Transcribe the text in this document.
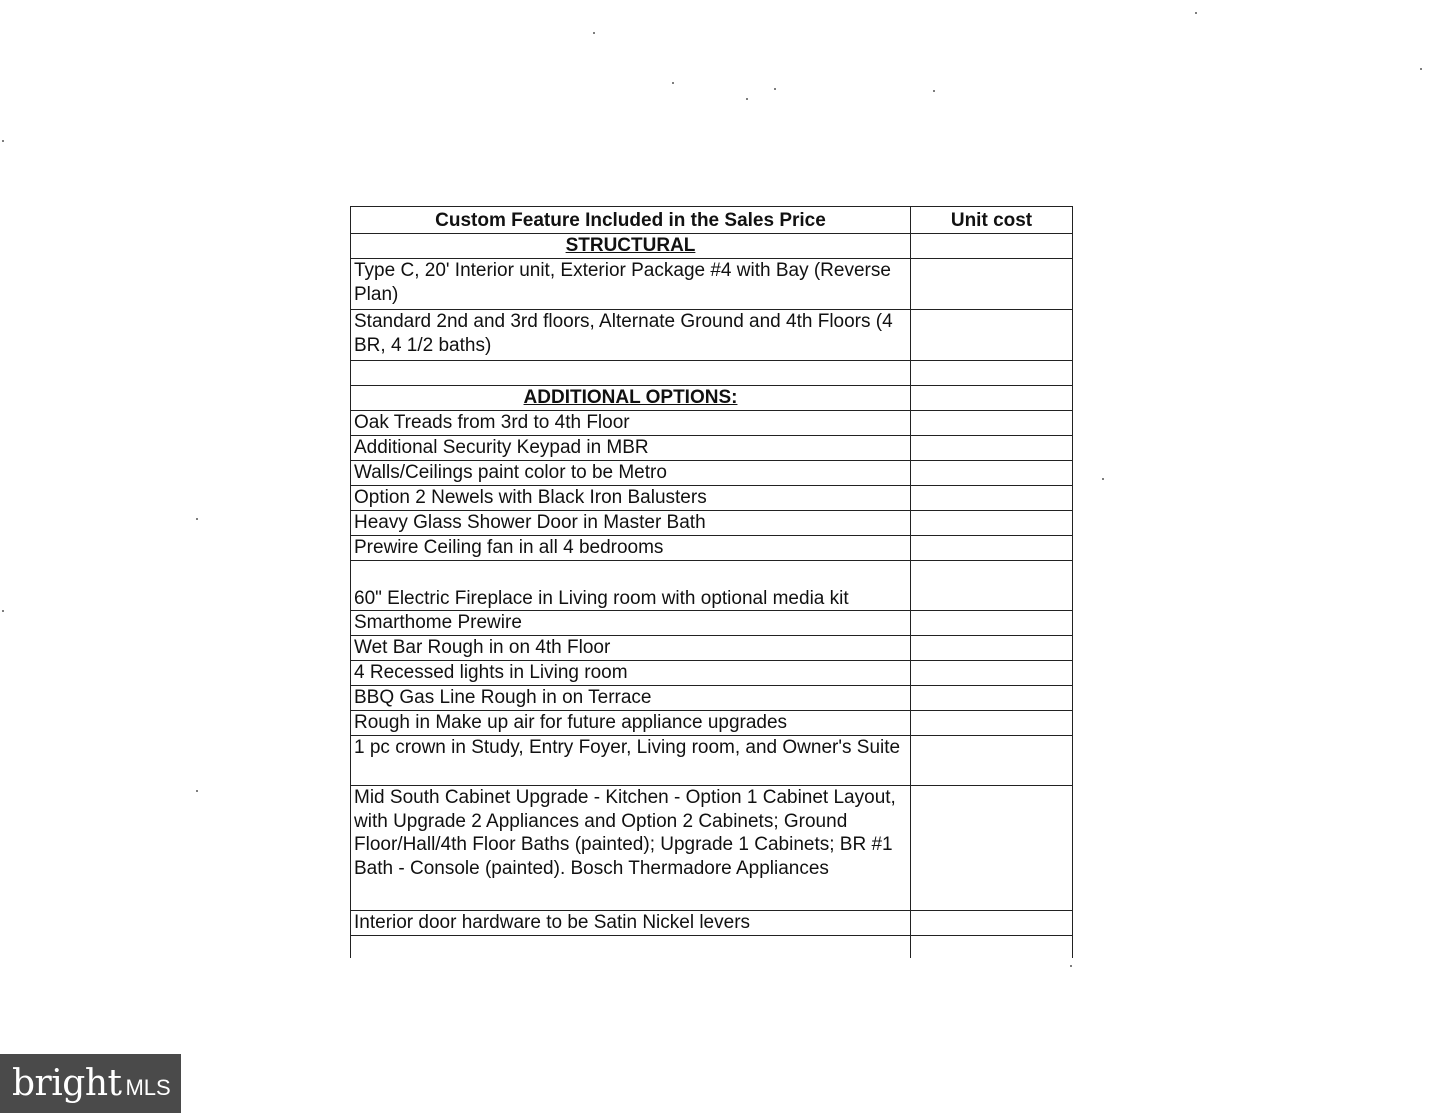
Custom Feature Included in the Sales Price	Unit cost
STRUCTURAL	
Type C, 20' Interior unit, Exterior Package #4 with Bay (Reverse Plan)	
Standard 2nd and 3rd floors, Alternate Ground and 4th Floors (4 BR, 4 1/2 baths)	

ADDITIONAL OPTIONS:	
Oak Treads from 3rd to 4th Floor	
Additional Security Keypad in MBR	
Walls/Ceilings paint color to be Metro	
Option 2 Newels with Black Iron Balusters	
Heavy Glass Shower Door in Master Bath	
Prewire Ceiling fan in all 4 bedrooms	
60" Electric Fireplace in Living room with optional media kit	
Smarthome Prewire	
Wet Bar Rough in on 4th Floor	
4 Recessed lights in Living room	
BBQ Gas Line Rough in on Terrace	
Rough in Make up air for future appliance upgrades	
1 pc crown in Study, Entry Foyer, Living room, and Owner's Suite	
Mid South Cabinet Upgrade - Kitchen - Option 1 Cabinet Layout, with Upgrade 2 Appliances and Option 2 Cabinets; Ground Floor/Hall/4th Floor Baths (painted); Upgrade 1 Cabinets; BR #1 Bath - Console (painted). Bosch Thermadore Appliances	
Interior door hardware to be Satin Nickel levers	

bright MLS
